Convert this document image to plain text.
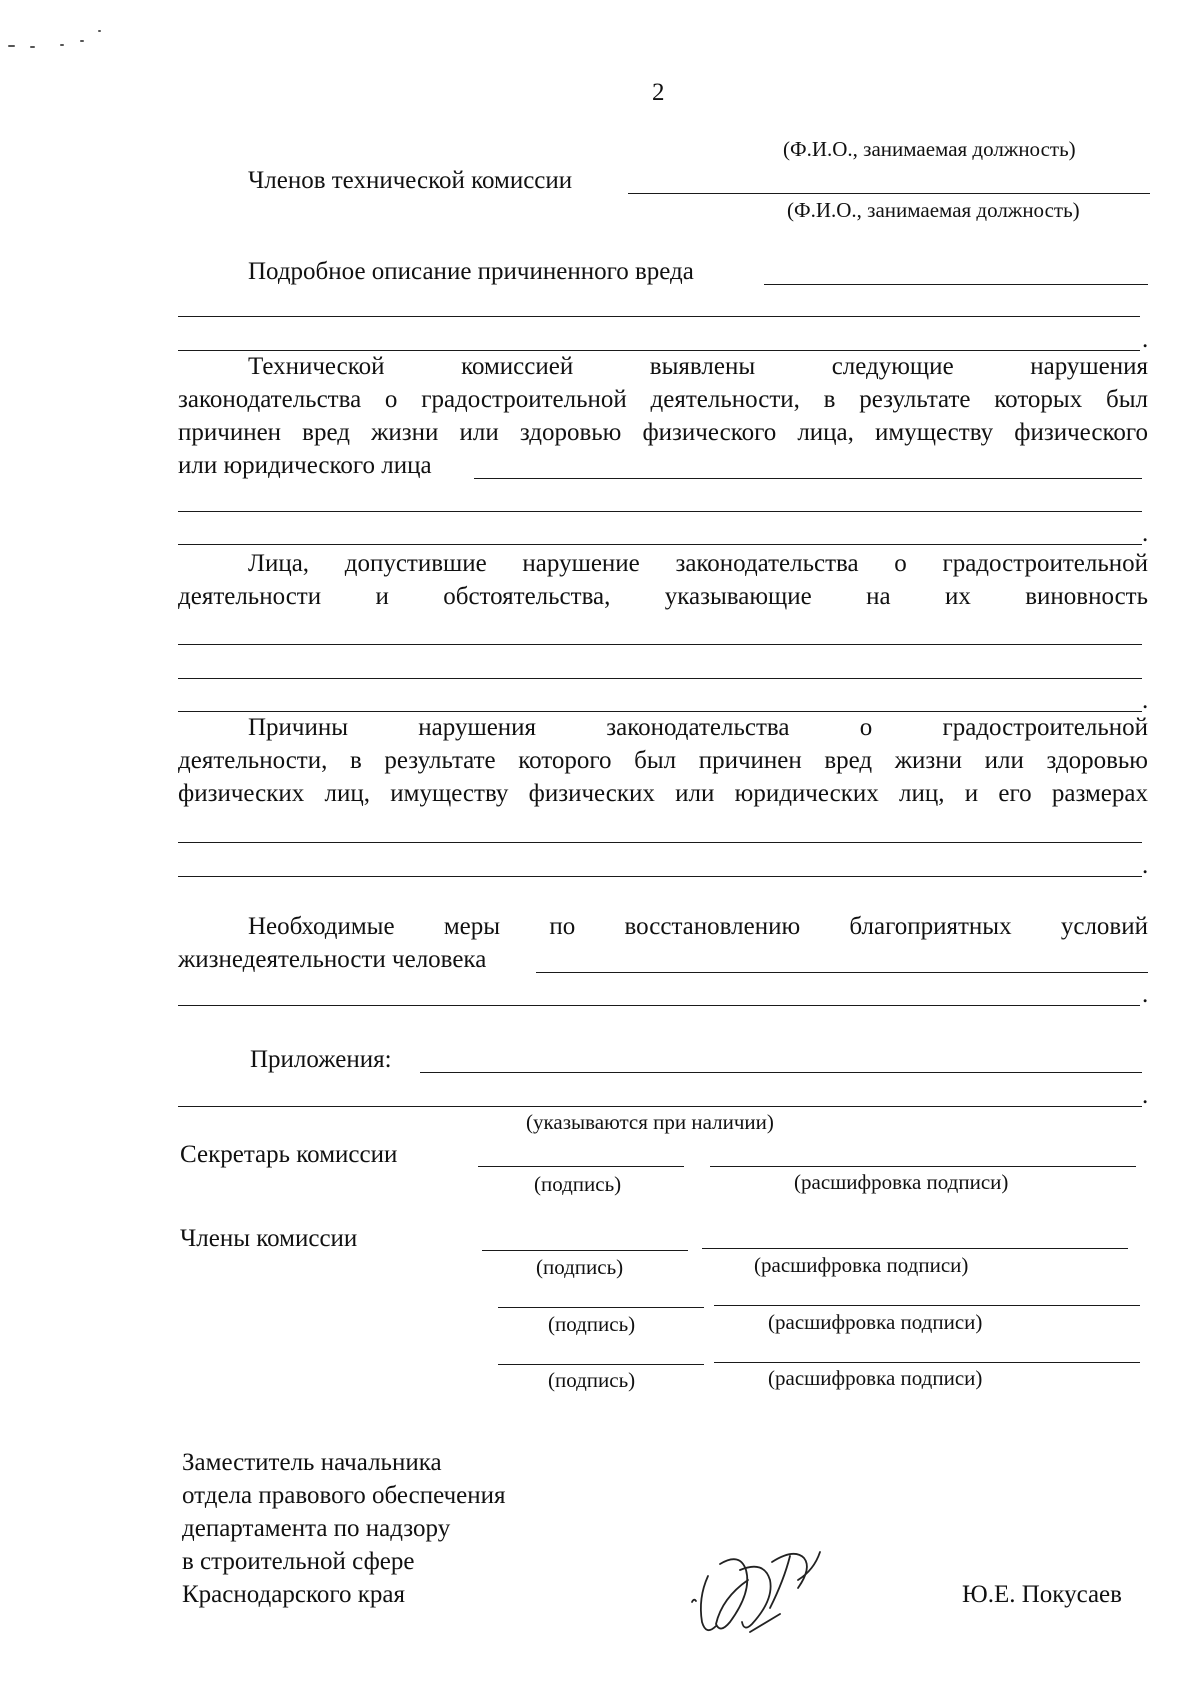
2
(Ф.И.О., занимаемая должность)
Членов технической комиссии
(Ф.И.О., занимаемая должность)
Подробное описание причиненного вреда
.
Технической комиссией выявлены следующие нарушения
законодательства о градостроительной деятельности, в результате которых был
причинен вред жизни или здоровью физического лица, имуществу физического
или юридического лица
.
Лица, допустившие нарушение законодательства о градостроительной
деятельности и обстоятельства, указывающие на их виновность
.
Причины нарушения законодательства о градостроительной
деятельности, в результате которого был причинен вред жизни или здоровью
физических лиц, имуществу физических или юридических лиц, и его размерах
.
Необходимые меры по восстановлению благоприятных условий
жизнедеятельности человека
.
Приложения:
.
(указываются при наличии)
Секретарь комиссии
(подпись)	(расшифровка подписи)
Члены комиссии
(подпись)	(расшифровка подписи)
(подпись)	(расшифровка подписи)
(подпись)	(расшифровка подписи)
Заместитель начальника
отдела правового обеспечения
департамента по надзору
в строительной сфере
Краснодарского края	Ю.Е. Покусаев
